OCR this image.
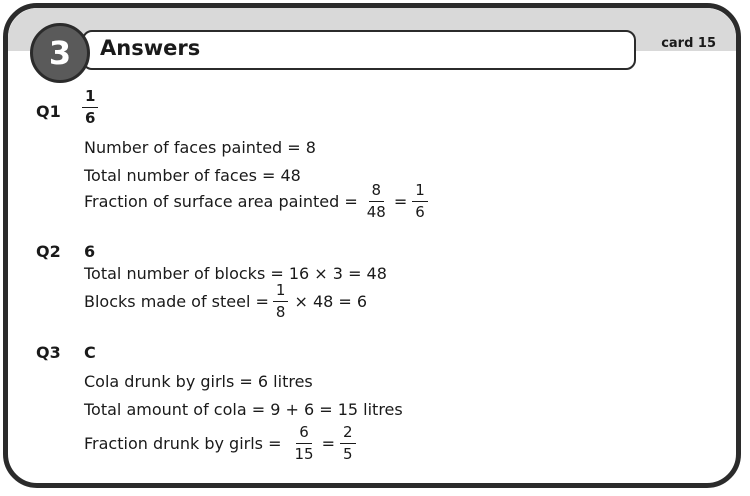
3	Answers	card 15
$Q1 \frac{1}{6}$
Number of faces painted = 8
Total number of faces = 48
Fraction of surface area painted = $\frac{8}{48} = \frac{1}{6}$
Q2 6
Total number of blocks = 16 × 3 = 48
Blocks made of steel = $\frac{1}{8} \times 48 = 6$
Q3 C
Cola drunk by girls = 6 litres
Total amount of cola = 9 + 6 = 15 litres
Fraction drunk by girls = $\frac{6}{15} = \frac{2}{5}$
